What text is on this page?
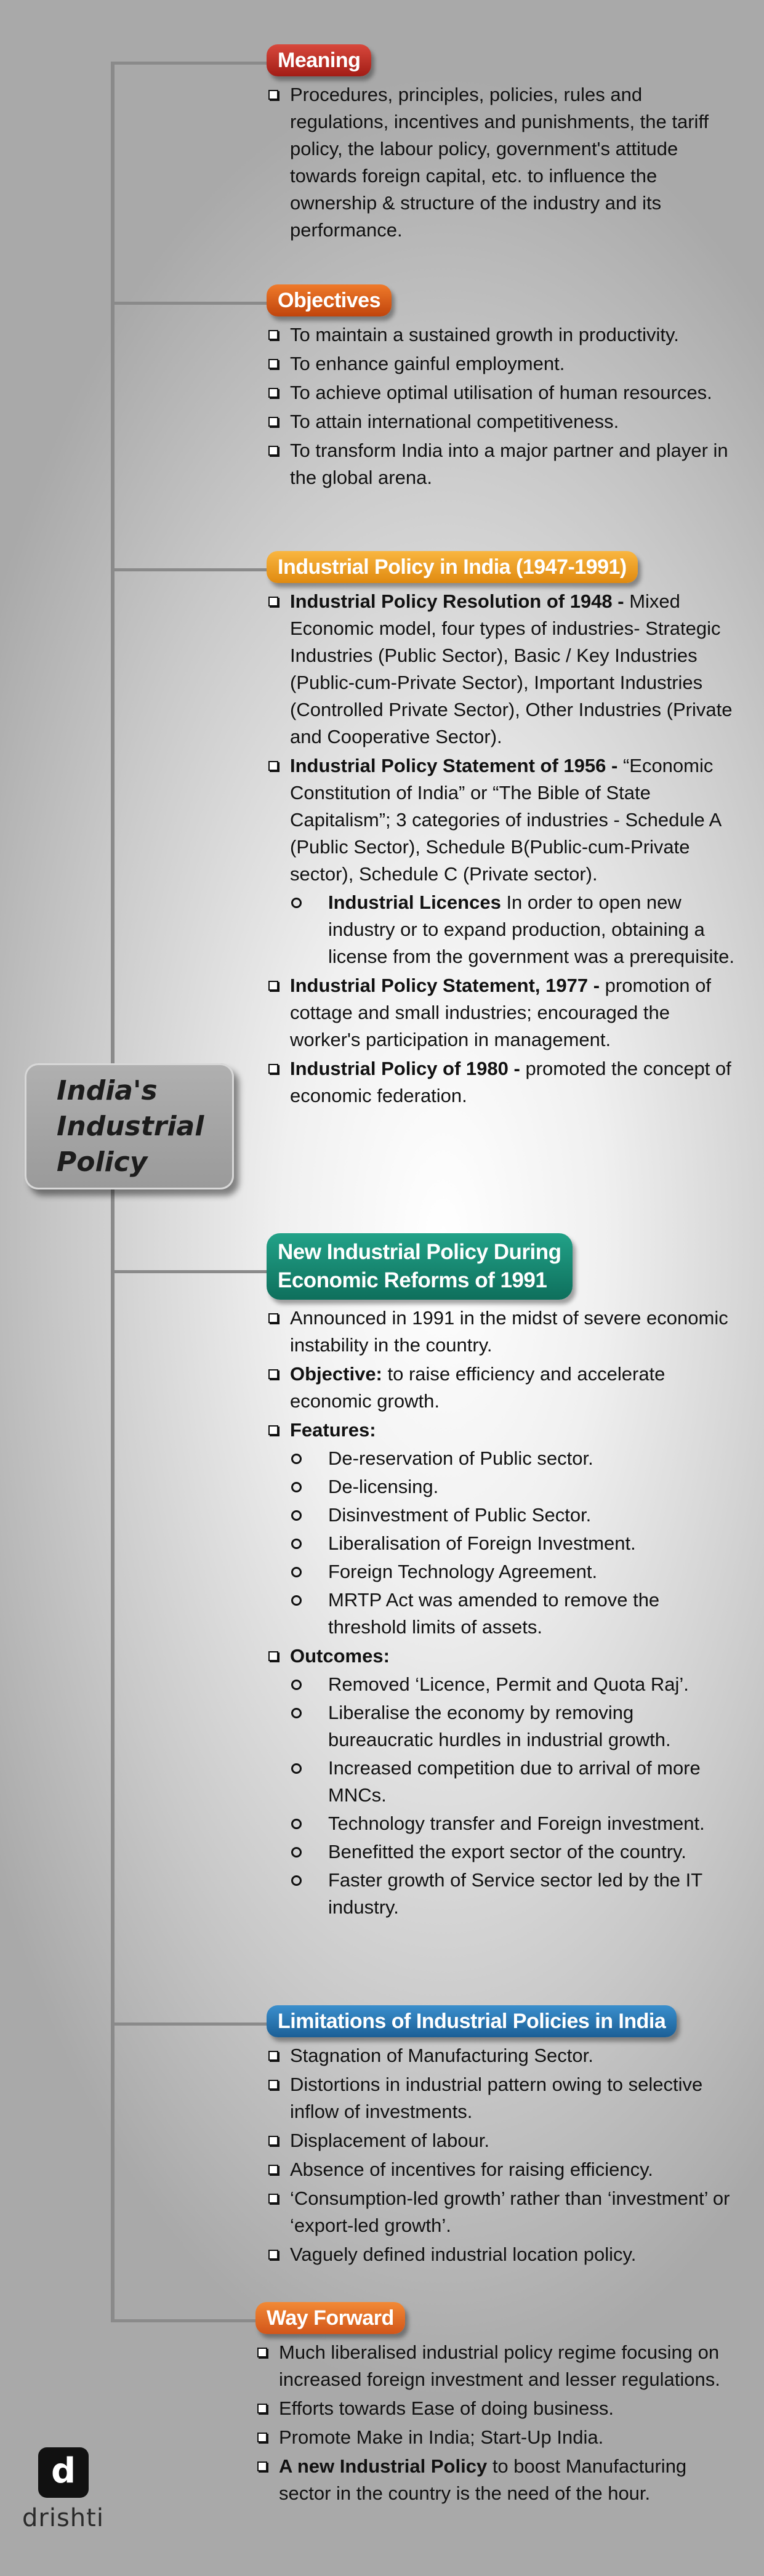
India's Industrial Policy
Meaning
Procedures, principles, policies, rules and regulations, incentives and punishments, the tariff policy, the labour policy, government's attitude towards foreign capital, etc. to influence the ownership & structure of the industry and its performance.
Objectives
To maintain a sustained growth in productivity.
To enhance gainful employment.
To achieve optimal utilisation of human resources.
To attain international competitiveness.
To transform India into a major partner and player in the global arena.
Industrial Policy in India (1947-1991)
Industrial Policy Resolution of 1948 - Mixed Economic model, four types of industries- Strategic Industries (Public Sector), Basic / Key Industries (Public-cum-Private Sector), Important Industries (Controlled Private Sector), Other Industries (Private and Cooperative Sector).
Industrial Policy Statement of 1956 - “Economic Constitution of India” or “The Bible of State Capitalism”; 3 categories of industries - Schedule A (Public Sector), Schedule B(Public-cum-Private sector), Schedule C (Private sector).
Industrial Licences In order to open new industry or to expand production, obtaining a license from the government was a prerequisite.
Industrial Policy Statement, 1977 - promotion of cottage and small industries; encouraged the worker's participation in management.
Industrial Policy of 1980 - promoted the concept of economic federation.
New Industrial Policy During
Economic Reforms of 1991
Announced in 1991 in the midst of severe economic instability in the country.
Objective: to raise efficiency and accelerate economic growth.
Features:
De-reservation of Public sector.
De-licensing.
Disinvestment of Public Sector.
Liberalisation of Foreign Investment.
Foreign Technology Agreement.
MRTP Act was amended to remove the threshold limits of assets.
Outcomes:
Removed ‘Licence, Permit and Quota Raj’.
Liberalise the economy by removing bureaucratic hurdles in industrial growth.
Increased competition due to arrival of more MNCs.
Technology transfer and Foreign investment.
Benefitted the export sector of the country.
Faster growth of Service sector led by the IT industry.
Limitations of Industrial Policies in India
Stagnation of Manufacturing Sector.
Distortions in industrial pattern owing to selective inflow of investments.
Displacement of labour.
Absence of incentives for raising efficiency.
‘Consumption-led growth’ rather than ‘investment’ or ‘export-led growth’.
Vaguely defined industrial location policy.
Way Forward
Much liberalised industrial policy regime focusing on increased foreign investment and lesser regulations.
Efforts towards Ease of doing business.
Promote Make in India; Start-Up India.
A new Industrial Policy to boost Manufacturing sector in the country is the need of the hour.
d
drishti
